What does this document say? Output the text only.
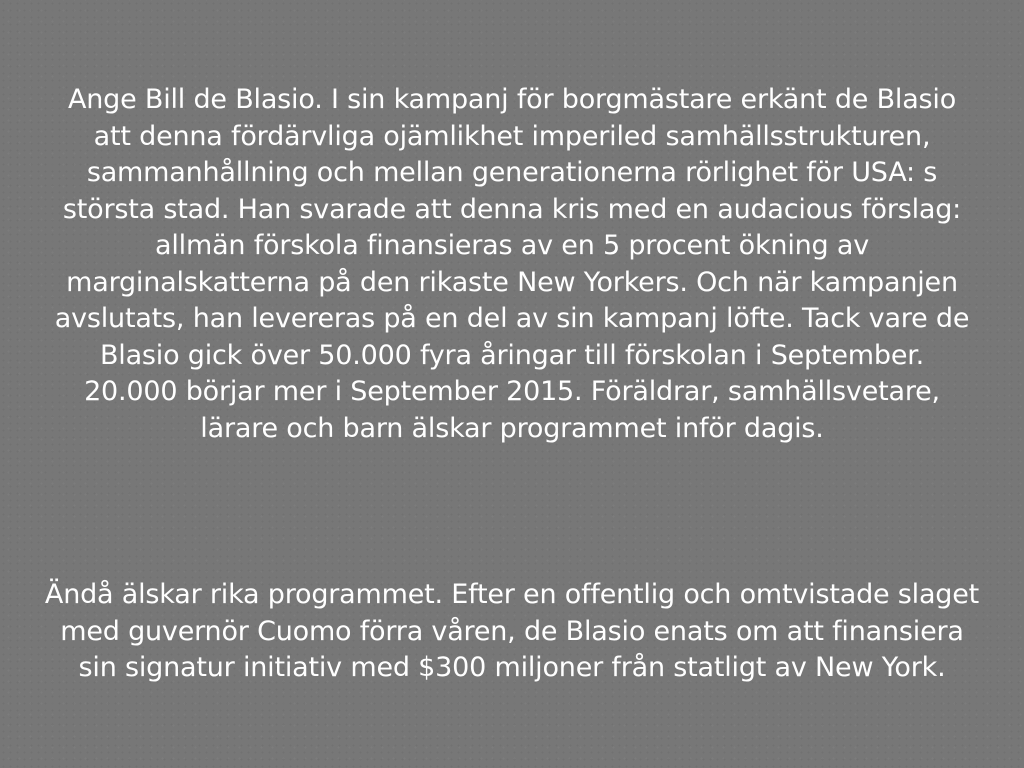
Ange Bill de Blasio. I sin kampanj för borgmästare erkänt de Blasio
att denna fördärvliga ojämlikhet imperiled samhällsstrukturen,
sammanhållning och mellan generationerna rörlighet för USA: s
största stad. Han svarade att denna kris med en audacious förslag:
allmän förskola finansieras av en 5 procent ökning av
marginalskatterna på den rikaste New Yorkers. Och när kampanjen
avslutats, han levereras på en del av sin kampanj löfte. Tack vare de
Blasio gick över 50.000 fyra åringar till förskolan i September.
20.000 börjar mer i September 2015. Föräldrar, samhällsvetare,
lärare och barn älskar programmet inför dagis.

Ändå älskar rika programmet. Efter en offentlig och omtvistade slaget
med guvernör Cuomo förra våren, de Blasio enats om att finansiera
sin signatur initiativ med $300 miljoner från statligt av New York.
